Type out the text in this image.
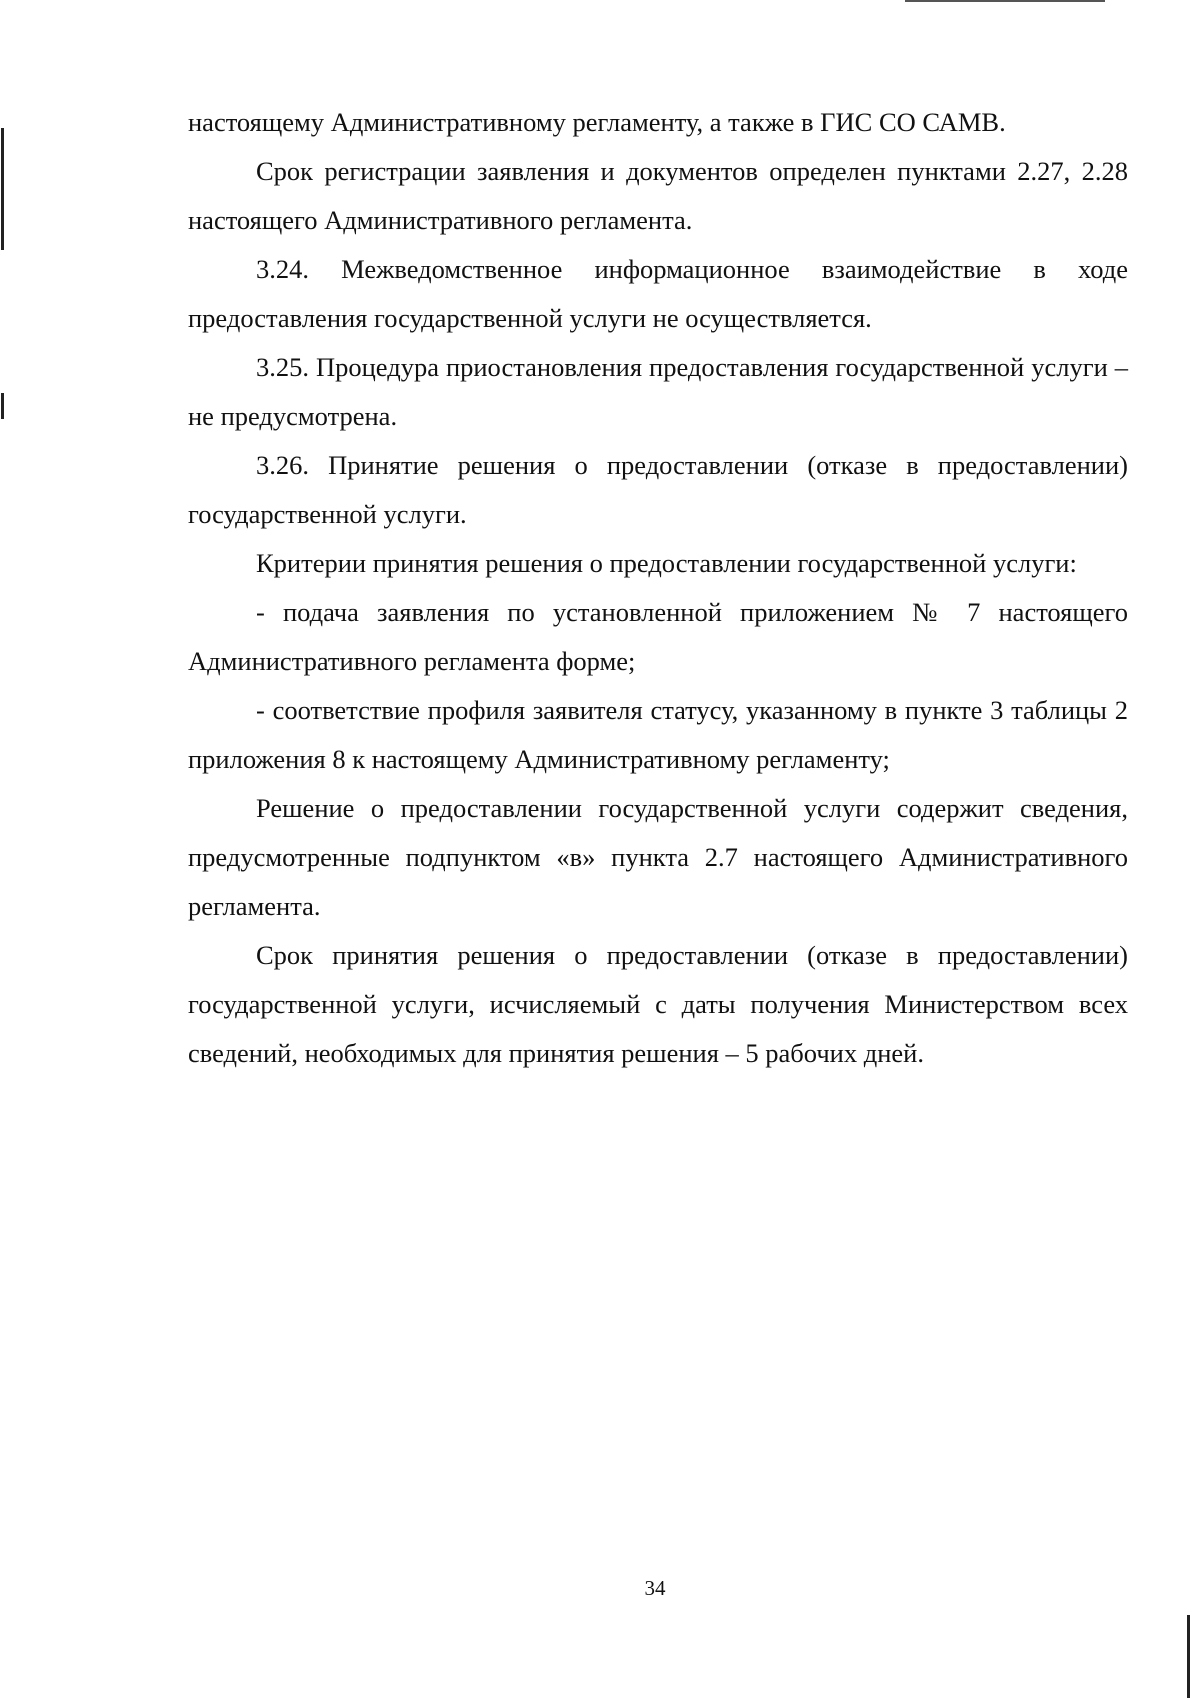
настоящему Административному регламенту, а также в ГИС СО САМВ.

Срок регистрации заявления и документов определен пунктами 2.27, 2.28 настоящего Административного регламента.

3.24. Межведомственное информационное взаимодействие в ходе предоставления государственной услуги не осуществляется.

3.25. Процедура приостановления предоставления государственной услуги – не предусмотрена.

3.26. Принятие решения о предоставлении (отказе в предоставлении) государственной услуги.

Критерии принятия решения о предоставлении государственной услуги:

- подача заявления по установленной приложением № 7 настоящего Административного регламента форме;

- соответствие профиля заявителя статусу, указанному в пункте 3 таблицы 2 приложения 8 к настоящему Административному регламенту;

Решение о предоставлении государственной услуги содержит сведения, предусмотренные подпунктом «в» пункта 2.7 настоящего Административного регламента.

Срок принятия решения о предоставлении (отказе в предоставлении) государственной услуги, исчисляемый с даты получения Министерством всех сведений, необходимых для принятия решения – 5 рабочих дней.

34
